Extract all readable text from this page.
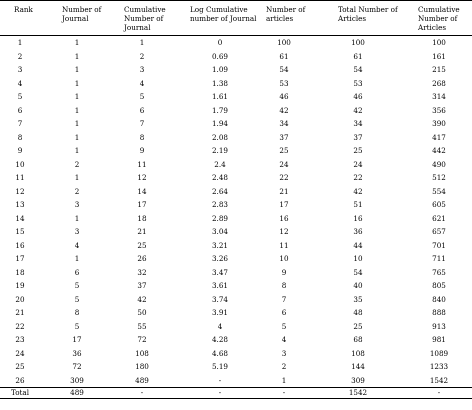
Rank	Number of Journal	Cumulative Number of Journal	Log Cumulative number of Journal	Number of articles	Total Number of Articles	Cumulative Number of Articles
1	1	1	0	100	100	100
2	1	2	0.69	61	61	161
3	1	3	1.09	54	54	215
4	1	4	1.38	53	53	268
5	1	5	1.61	46	46	314
6	1	6	1.79	42	42	356
7	1	7	1.94	34	34	390
8	1	8	2.08	37	37	417
9	1	9	2.19	25	25	442
10	2	11	2.4	24	24	490
11	1	12	2.48	22	22	512
12	2	14	2.64	21	42	554
13	3	17	2.83	17	51	605
14	1	18	2.89	16	16	621
15	3	21	3.04	12	36	657
16	4	25	3.21	11	44	701
17	1	26	3.26	10	10	711
18	6	32	3.47	9	54	765
19	5	37	3.61	8	40	805
20	5	42	3.74	7	35	840
21	8	50	3.91	6	48	888
22	5	55	4	5	25	913
23	17	72	4.28	4	68	981
24	36	108	4.68	3	108	1089
25	72	180	5.19	2	144	1233
26	309	489	-	1	309	1542
Total	489	-	-	-	1542	-
